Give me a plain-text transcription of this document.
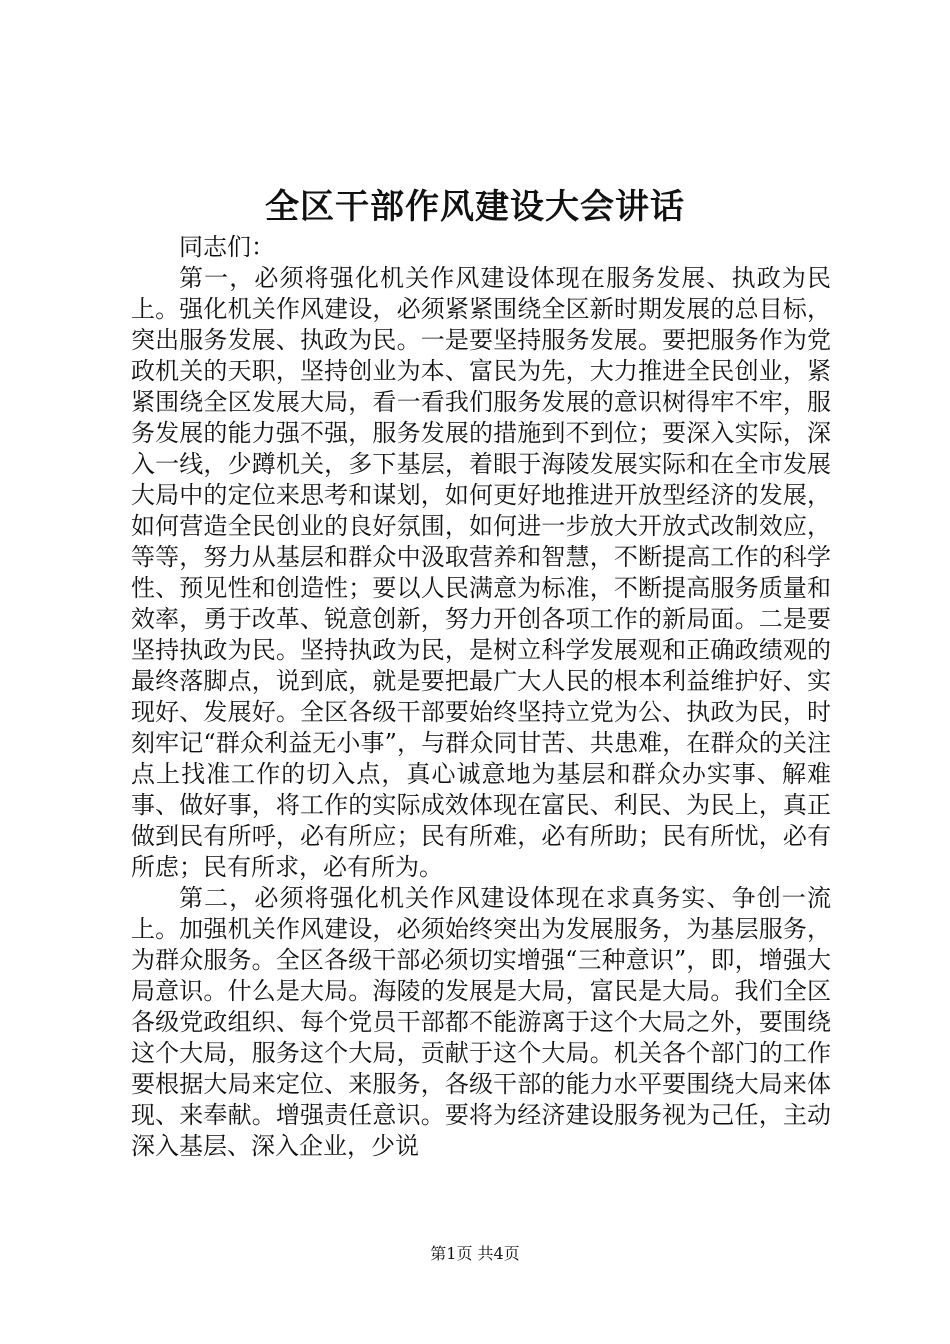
全区干部作风建设大会讲话

同志们：

第一，必须将强化机关作风建设体现在服务发展、执政为民上。强化机关作风建设，必须紧紧围绕全区新时期发展的总目标，突出服务发展、执政为民。一是要坚持服务发展。要把服务作为党政机关的天职，坚持创业为本、富民为先，大力推进全民创业，紧紧围绕全区发展大局，看一看我们服务发展的意识树得牢不牢，服务发展的能力强不强，服务发展的措施到不到位；要深入实际，深入一线，少蹲机关，多下基层，着眼于海陵发展实际和在全市发展大局中的定位来思考和谋划，如何更好地推进开放型经济的发展，如何营造全民创业的良好氛围，如何进一步放大开放式改制效应，等等，努力从基层和群众中汲取营养和智慧，不断提高工作的科学性、预见性和创造性；要以人民满意为标准，不断提高服务质量和效率，勇于改革、锐意创新，努力开创各项工作的新局面。二是要坚持执政为民。坚持执政为民，是树立科学发展观和正确政绩观的最终落脚点，说到底，就是要把最广大人民的根本利益维护好、实现好、发展好。全区各级干部要始终坚持立党为公、执政为民，时刻牢记“群众利益无小事”，与群众同甘苦、共患难，在群众的关注点上找准工作的切入点，真心诚意地为基层和群众办实事、解难事、做好事，将工作的实际成效体现在富民、利民、为民上，真正做到民有所呼，必有所应；民有所难，必有所助；民有所忧，必有所虑；民有所求，必有所为。

第二，必须将强化机关作风建设体现在求真务实、争创一流上。加强机关作风建设，必须始终突出为发展服务，为基层服务，为群众服务。全区各级干部必须切实增强“三种意识”，即，增强大局意识。什么是大局。海陵的发展是大局，富民是大局。我们全区各级党政组织、每个党员干部都不能游离于这个大局之外，要围绕这个大局，服务这个大局，贡献于这个大局。机关各个部门的工作要根据大局来定位、来服务，各级干部的能力水平要围绕大局来体现、来奉献。增强责任意识。要将为经济建设服务视为己任，主动深入基层、深入企业，少说

第1页 共4页
